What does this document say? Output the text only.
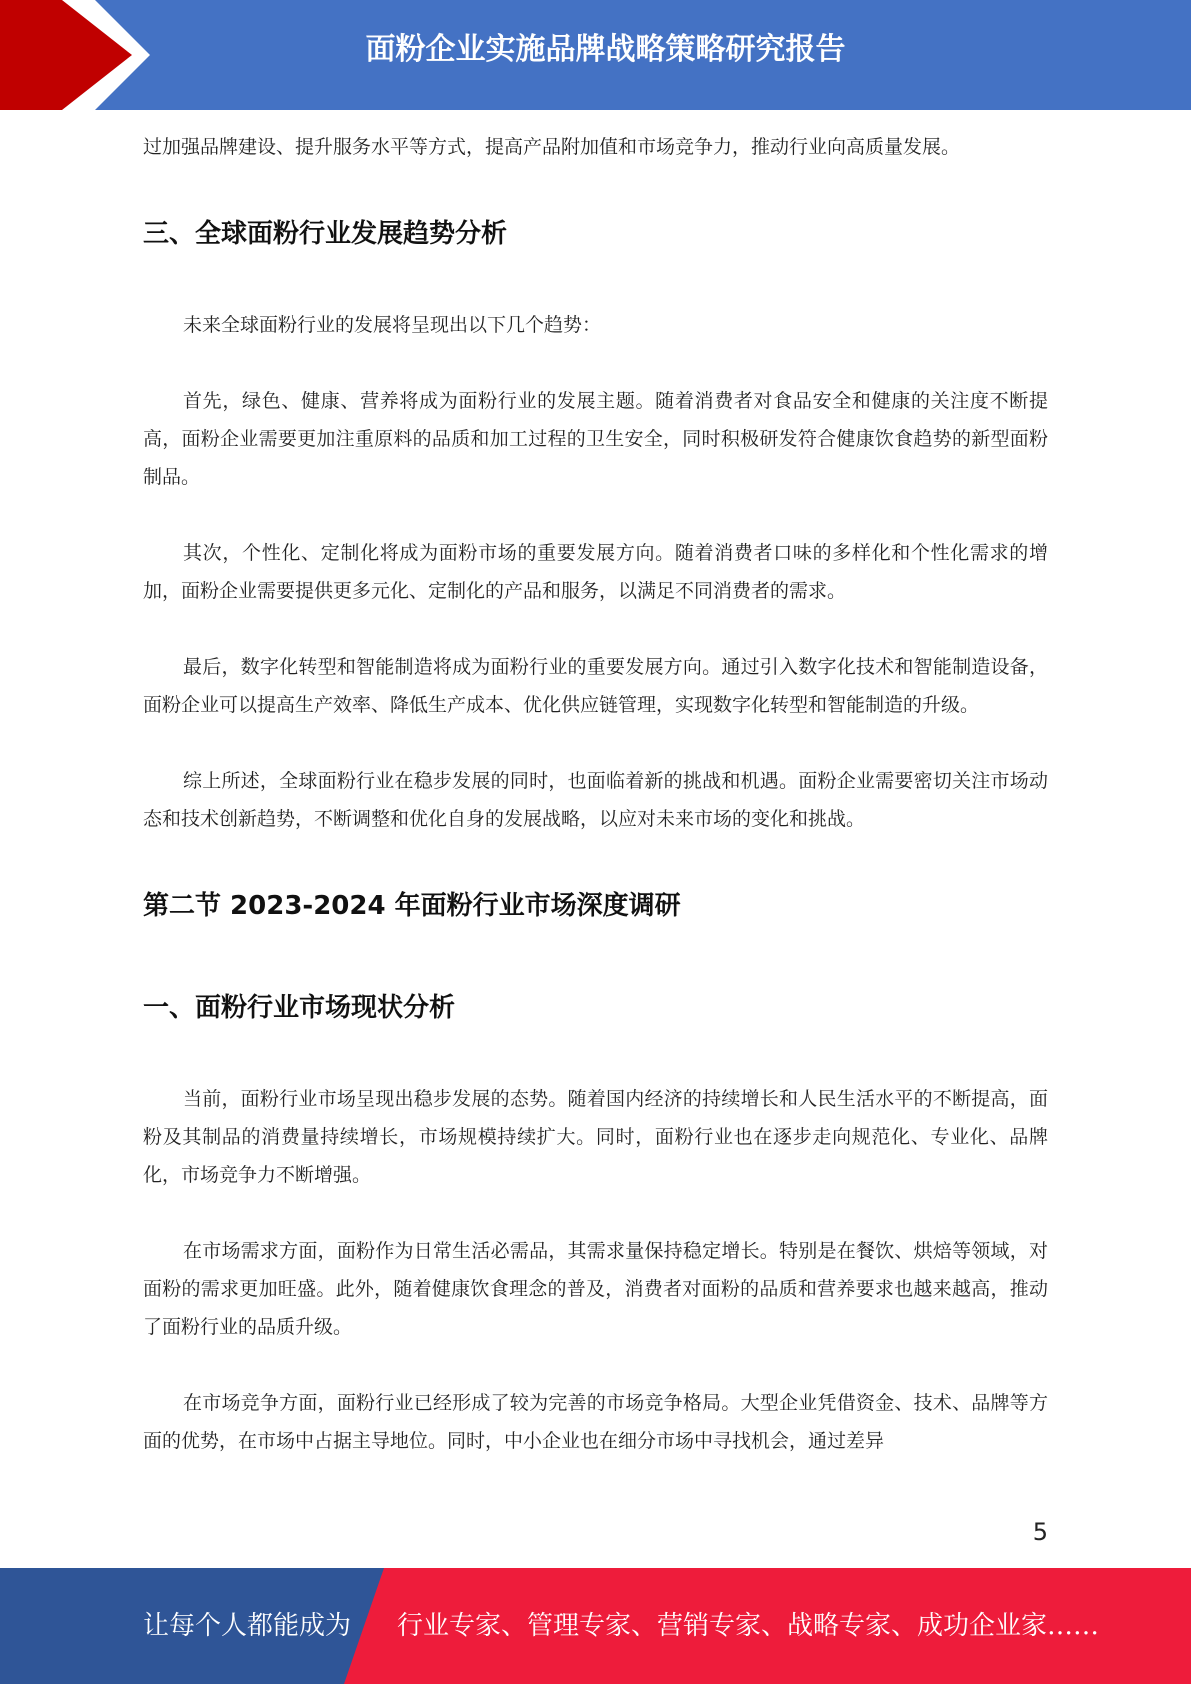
面粉企业实施品牌战略策略研究报告

过加强品牌建设、提升服务水平等方式，提高产品附加值和市场竞争力，推动行业向高质量发展。

三、全球面粉行业发展趋势分析

未来全球面粉行业的发展将呈现出以下几个趋势：

首先，绿色、健康、营养将成为面粉行业的发展主题。随着消费者对食品安全和健康的关注度不断提高，面粉企业需要更加注重原料的品质和加工过程的卫生安全，同时积极研发符合健康饮食趋势的新型面粉制品。

其次，个性化、定制化将成为面粉市场的重要发展方向。随着消费者口味的多样化和个性化需求的增加，面粉企业需要提供更多元化、定制化的产品和服务，以满足不同消费者的需求。

最后，数字化转型和智能制造将成为面粉行业的重要发展方向。通过引入数字化技术和智能制造设备，面粉企业可以提高生产效率、降低生产成本、优化供应链管理，实现数字化转型和智能制造的升级。

综上所述，全球面粉行业在稳步发展的同时，也面临着新的挑战和机遇。面粉企业需要密切关注市场动态和技术创新趋势，不断调整和优化自身的发展战略，以应对未来市场的变化和挑战。

第二节 2023-2024 年面粉行业市场深度调研
一、面粉行业市场现状分析

当前，面粉行业市场呈现出稳步发展的态势。随着国内经济的持续增长和人民生活水平的不断提高，面粉及其制品的消费量持续增长，市场规模持续扩大。同时，面粉行业也在逐步走向规范化、专业化、品牌化，市场竞争力不断增强。

在市场需求方面，面粉作为日常生活必需品，其需求量保持稳定增长。特别是在餐饮、烘焙等领域，对面粉的需求更加旺盛。此外，随着健康饮食理念的普及，消费者对面粉的品质和营养要求也越来越高，推动了面粉行业的品质升级。

在市场竞争方面，面粉行业已经形成了较为完善的市场竞争格局。大型企业凭借资金、技术、品牌等方面的优势，在市场中占据主导地位。同时，中小企业也在细分市场中寻找机会，通过差异

5
让每个人都能成为 行业专家、管理专家、营销专家、战略专家、成功企业家……
